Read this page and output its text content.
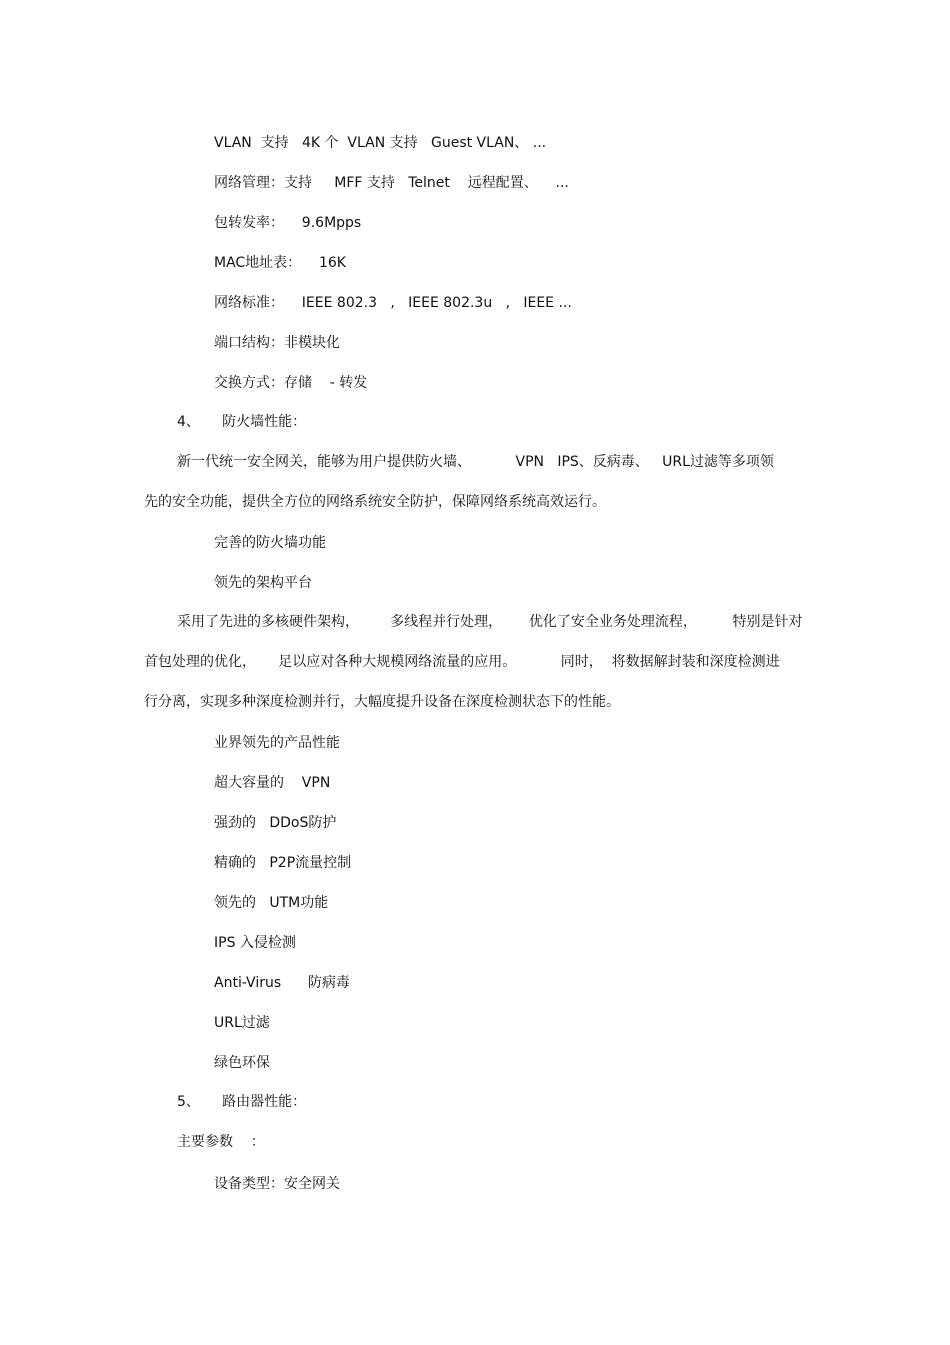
VLAN  支持   4K 个  VLAN 支持   Guest VLAN、 ...
网络管理：支持     MFF 支持   Telnet    远程配置、    ...
包转发率：    9.6Mpps
MAC地址表：    16K
网络标准：    IEEE 802.3   ,   IEEE 802.3u   ,   IEEE ...
端口结构：非模块化
交换方式：存储    - 转发
4、     防火墙性能：
新一代统一安全网关，能够为用户提供防火墙、          VPN   IPS、反病毒、   URL过滤等多项领
先的安全功能，提供全方位的网络系统安全防护，保障网络系统高效运行。
完善的防火墙功能
领先的架构平台
采用了先进的多核硬件架构，       多线程并行处理，      优化了安全业务处理流程，        特别是针对
首包处理的优化，     足以应对各种大规模网络流量的应用。          同时，  将数据解封装和深度检测进
行分离，实现多种深度检测并行，大幅度提升设备在深度检测状态下的性能。
业界领先的产品性能
超大容量的    VPN
强劲的   DDoS防护
精确的   P2P流量控制
领先的   UTM功能
IPS 入侵检测
Anti-Virus      防病毒
URL过滤
绿色环保
5、     路由器性能：
主要参数    ：
设备类型：安全网关
